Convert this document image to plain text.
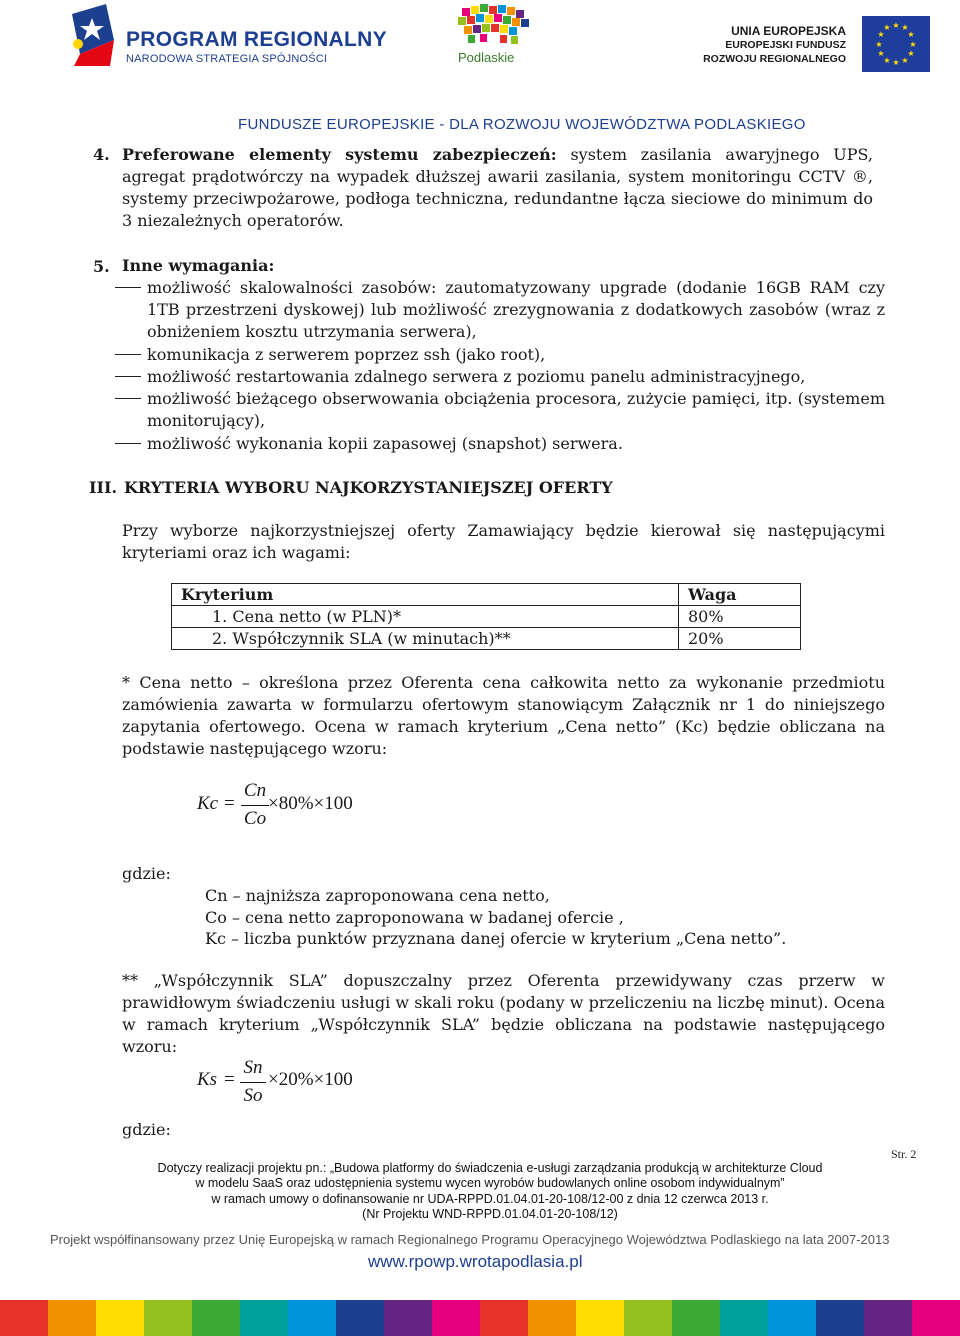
PROGRAM REGIONALNY
NARODOWA STRATEGIA SPÓJNOŚCI	Podlaskie
UNIA EUROPEJSKA
EUROPEJSKI FUNDUSZ
ROZWOJU REGIONALNEGO
★ ★
★
★
★
★
★
★
★
★
★
★
FUNDUSZE EUROPEJSKIE - DLA ROZWOJU WOJEWÓDZTWA PODLASKIEGO
4. Preferowane elementy systemu zabezpieczeń: system zasilania awaryjnego UPS, agregat prądotwórczy na wypadek dłuższej awarii zasilania, system monitoringu CCTV ®, systemy przeciwpożarowe, podłoga techniczna, redundantne łącza sieciowe do minimum do 3 niezależnych operatorów.
5. Inne wymagania:
możliwość skalowalności zasobów: zautomatyzowany upgrade (dodanie 16GB RAM czy 1TB przestrzeni dyskowej) lub możliwość zrezygnowania z dodatkowych zasobów (wraz z obniżeniem kosztu utrzymania serwera),
komunikacja z serwerem poprzez ssh (jako root),
możliwość restartowania zdalnego serwera z poziomu panelu administracyjnego,
możliwość bieżącego obserwowania obciążenia procesora, zużycie pamięci, itp. (systemem monitorujący),
możliwość wykonania kopii zapasowej (snapshot) serwera.
III. KRYTERIA WYBORU NAJKORZYSTANIEJSZEJ OFERTY
Przy wyborze najkorzystniejszej oferty Zamawiający będzie kierował się następującymi kryteriami oraz ich wagami:
Kryterium	Waga
1. Cena netto (w PLN)*	80%
2. Współczynnik SLA (w minutach)**	20%
* Cena netto – określona przez Oferenta cena całkowita netto za wykonanie przedmiotu zamówienia zawarta w formularzu ofertowym stanowiącym Załącznik nr 1 do niniejszego zapytania ofertowego. Ocena w ramach kryterium „Cena netto” (Kc) będzie obliczana na podstawie następującego wzoru:
Kc =
Cn
Co
×80%×100
gdzie:
Cn – najniższa zaproponowana cena netto,
Co – cena netto zaproponowana w badanej ofercie ,
Kc – liczba punktów przyznana danej ofercie w kryterium „Cena netto”.
** „Współczynnik SLA” dopuszczalny przez Oferenta przewidywany czas przerw w prawidłowym świadczeniu usługi w skali roku (podany w przeliczeniu na liczbę minut). Ocena w ramach kryterium „Współczynnik SLA” będzie obliczana na podstawie następującego wzoru:
Ks =
Sn
So
×20%×100
gdzie:
Str. 2
Dotyczy realizacji projektu pn.: „Budowa platformy do świadczenia e-usługi zarządzania produkcją w architekturze Cloud
w modelu SaaS oraz udostępnienia systemu wycen wyrobów budowlanych online osobom indywidualnym”
w ramach umowy o dofinansowanie nr UDA-RPPD.01.04.01-20-108/12-00 z dnia 12 czerwca 2013 r.
(Nr Projektu WND-RPPD.01.04.01-20-108/12)
Projekt współfinansowany przez Unię Europejską w ramach Regionalnego Programu Operacyjnego Województwa Podlaskiego na lata 2007-2013
www.rpowp.wrotapodlasia.pl
